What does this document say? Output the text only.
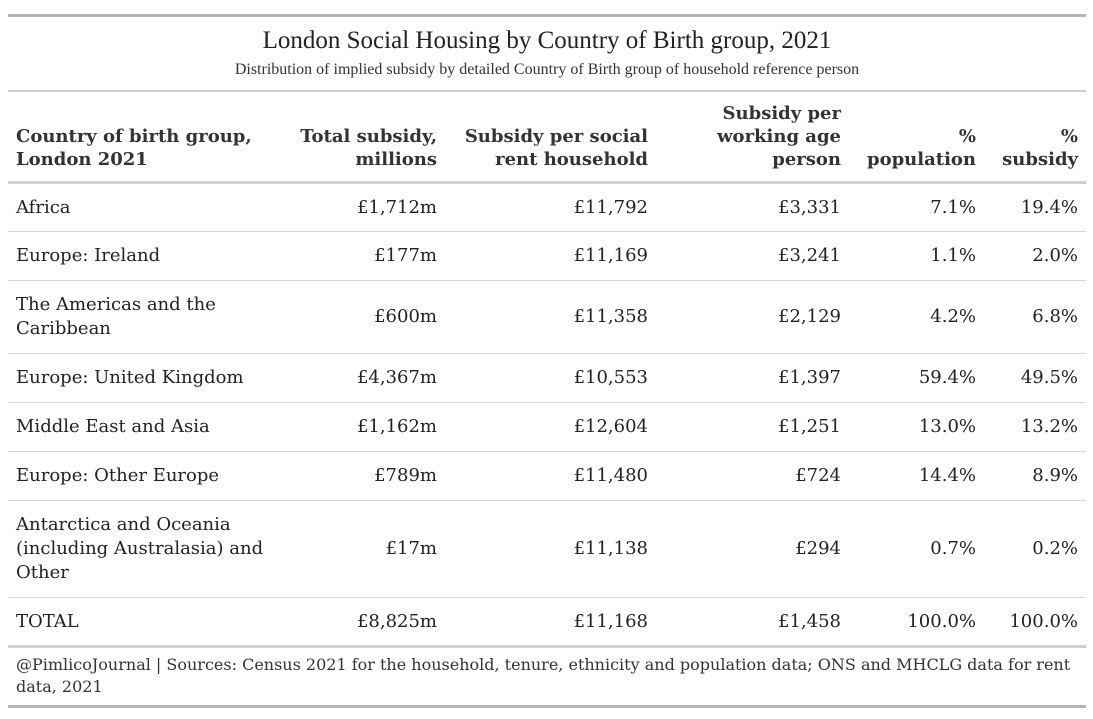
London Social Housing by Country of Birth group, 2021
Distribution of implied subsidy by detailed Country of Birth group of household reference person
Country of birth group, London 2021	Total subsidy, millions	Subsidy per social rent household	Subsidy per working age person	% population	% subsidy
Africa	£1,712m	£11,792	£3,331	7.1%	19.4%
Europe: Ireland	£177m	£11,169	£3,241	1.1%	2.0%
The Americas and the Caribbean	£600m	£11,358	£2,129	4.2%	6.8%
Europe: United Kingdom	£4,367m	£10,553	£1,397	59.4%	49.5%
Middle East and Asia	£1,162m	£12,604	£1,251	13.0%	13.2%
Europe: Other Europe	£789m	£11,480	£724	14.4%	8.9%
Antarctica and Oceania (including Australasia) and Other	£17m	£11,138	£294	0.7%	0.2%
TOTAL	£8,825m	£11,168	£1,458	100.0%	100.0%
@PimlicoJournal | Sources: Census 2021 for the household, tenure, ethnicity and population data; ONS and MHCLG data for rent data, 2021
